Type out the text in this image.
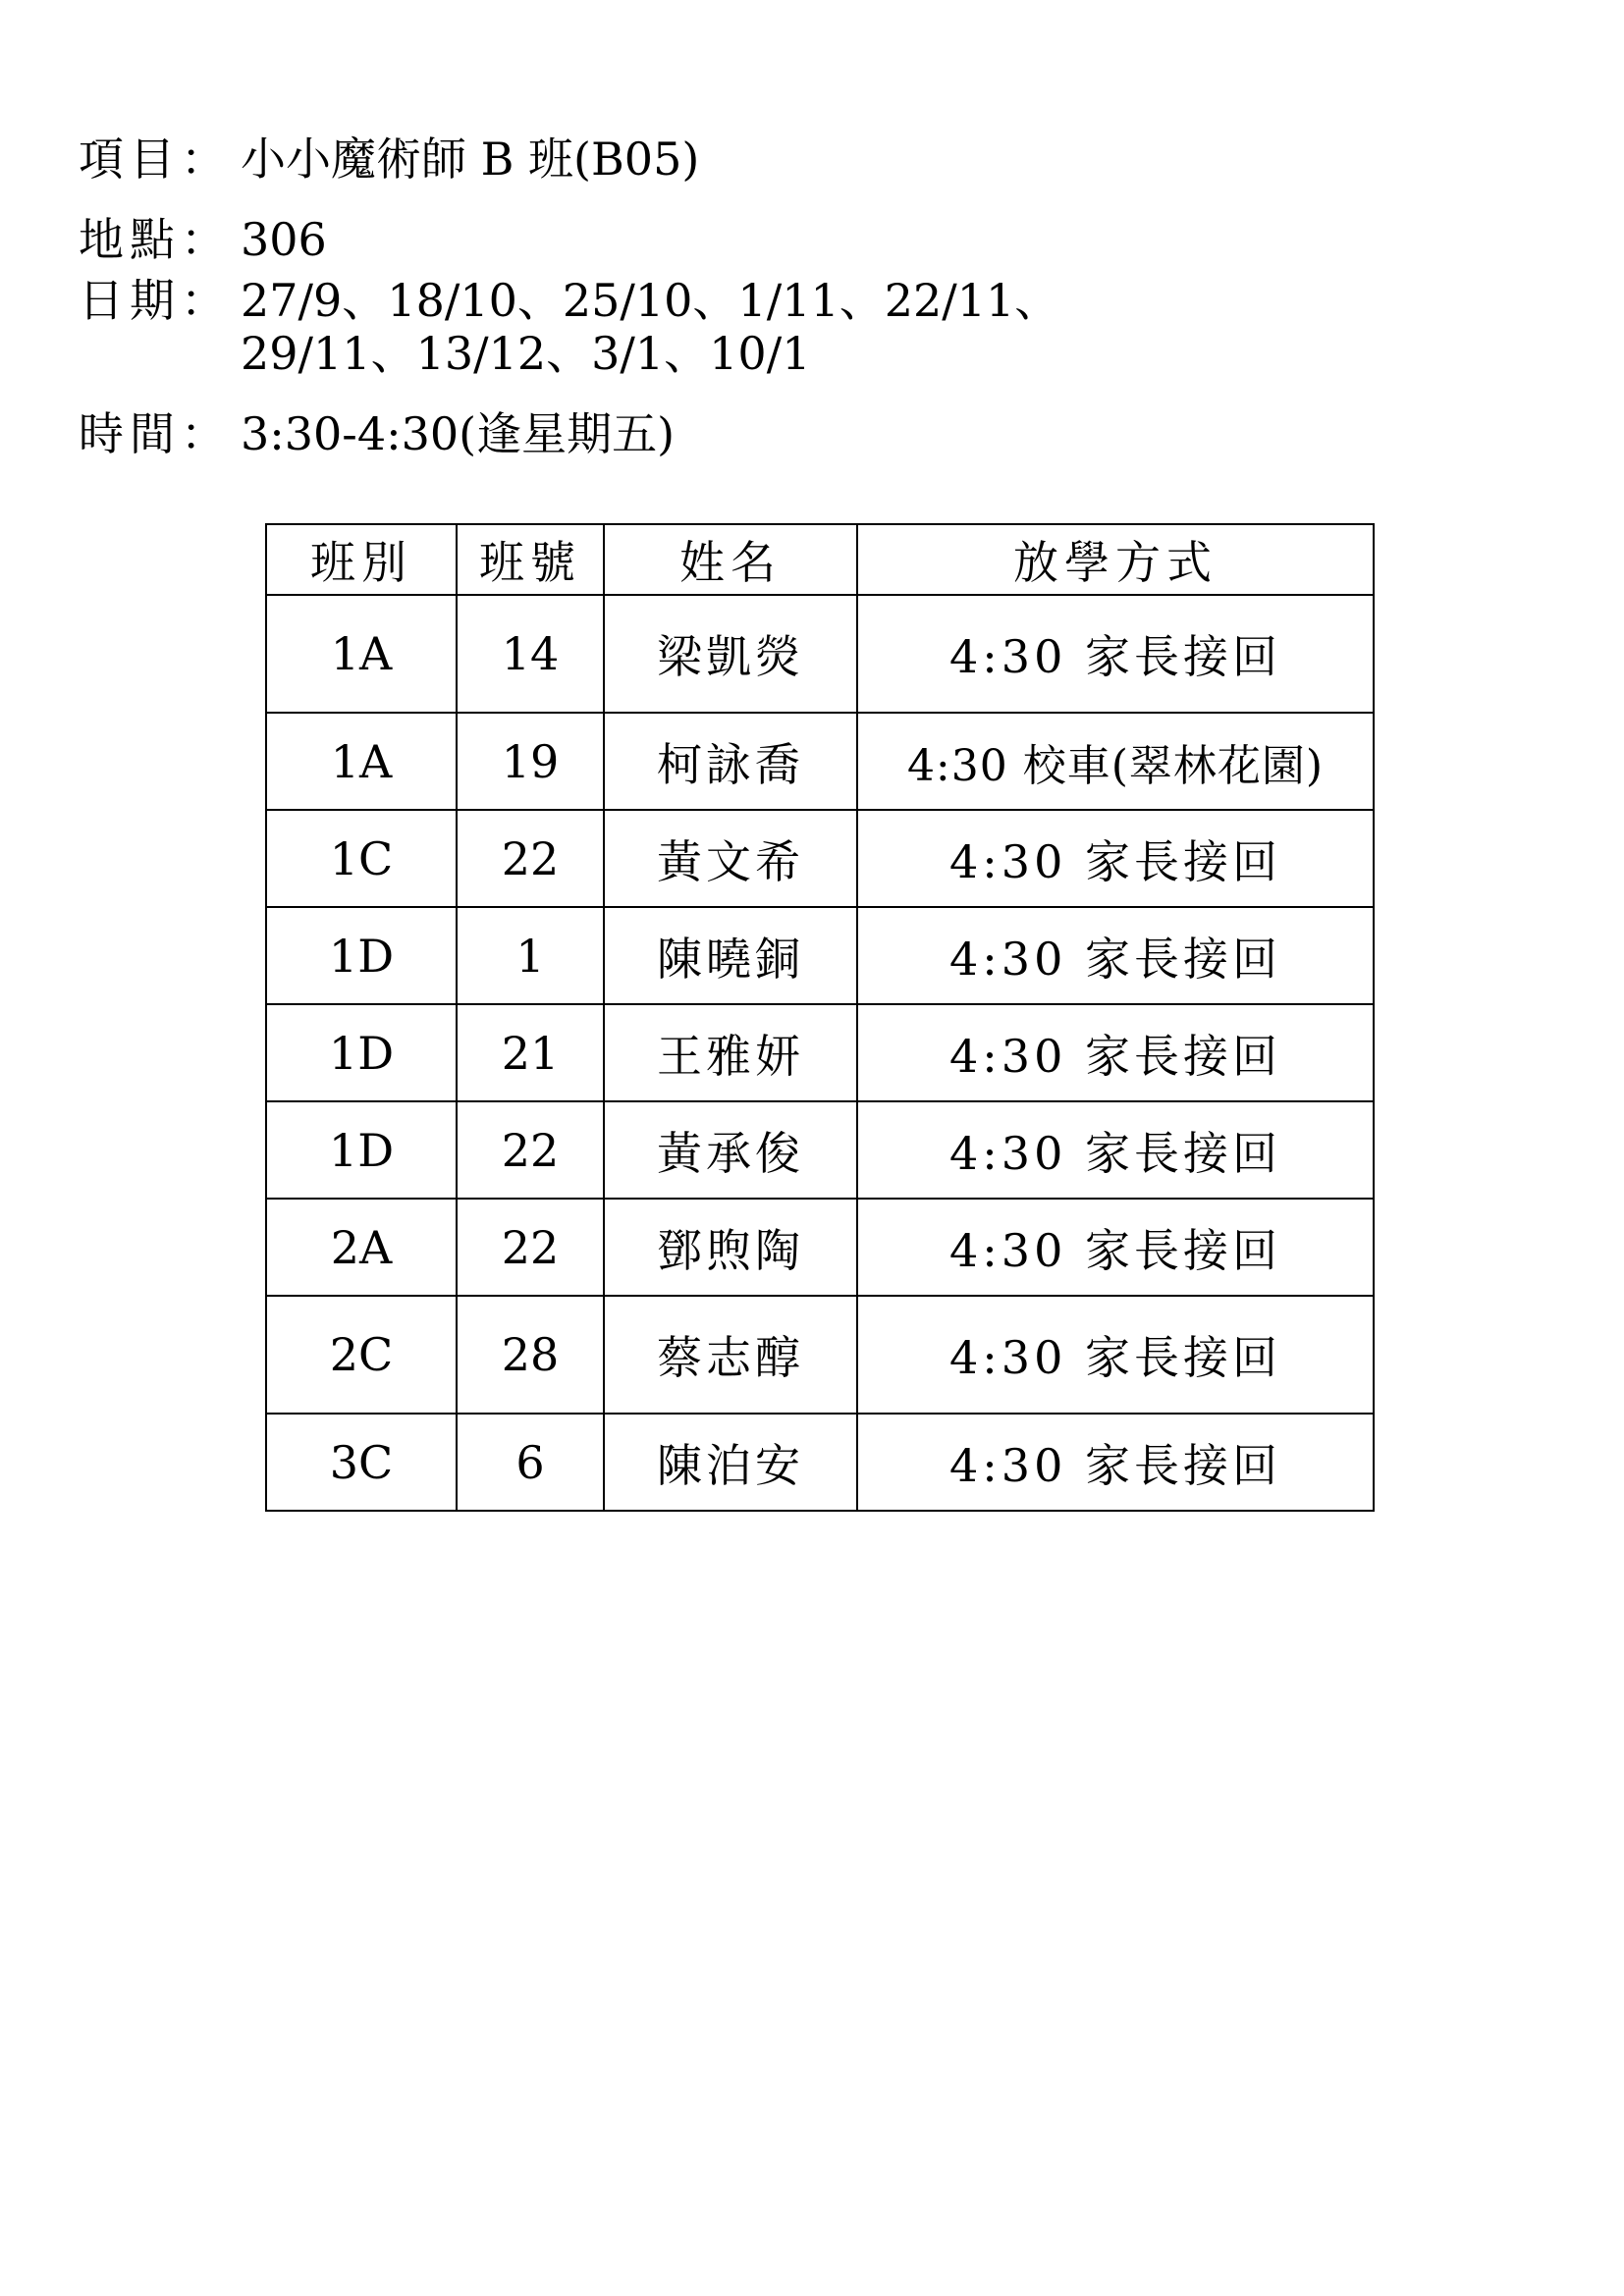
項目： 小小魔術師 B 班(B05)
地點： 306
日期： 27/9、18/10、25/10、1/11、22/11、
29/11、13/12、3/1、10/1
時間： 3:30-4:30(逢星期五)
班別	班號	姓名	放學方式
1A	14	梁凱熒	4:30 家長接回
1A	19	柯詠喬	4:30 校車(翠林花園)
1C	22	黃文希	4:30 家長接回
1D	1	陳曉銅	4:30 家長接回
1D	21	王雅妍	4:30 家長接回
1D	22	黃承俊	4:30 家長接回
2A	22	鄧煦陶	4:30 家長接回
2C	28	蔡志醇	4:30 家長接回
3C	6	陳泊安	4:30 家長接回
